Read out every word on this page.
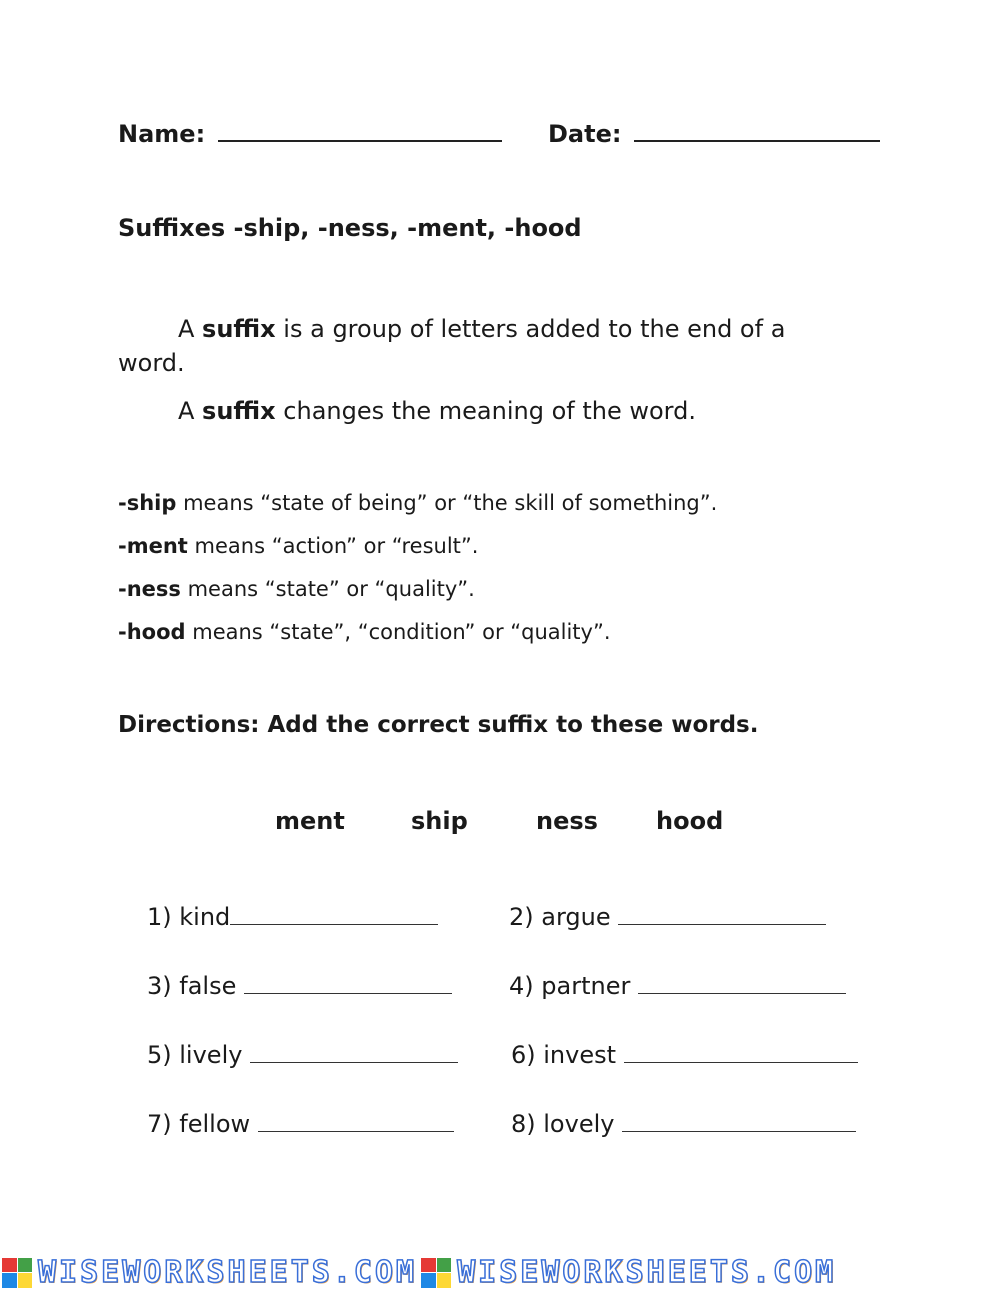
Name:	Date:
Suffixes -ship, -ness, -ment, -hood
A suffix is a group of letters added to the end of a
word.
A suffix changes the meaning of the word.
-ship means “state of being” or “the skill of something”.
-ment means “action” or “result”.
-ness means “state” or “quality”.
-hood means “state”, “condition” or “quality”.
Directions: Add the correct suffix to these words.
ment	ship	ness hood
1) kind	2) argue
3) false	4) partner
5) lively	6) invest
7) fellow	8) lovely
WISEWORKSHEETS.COM WISEWORKSHEETS.COM
